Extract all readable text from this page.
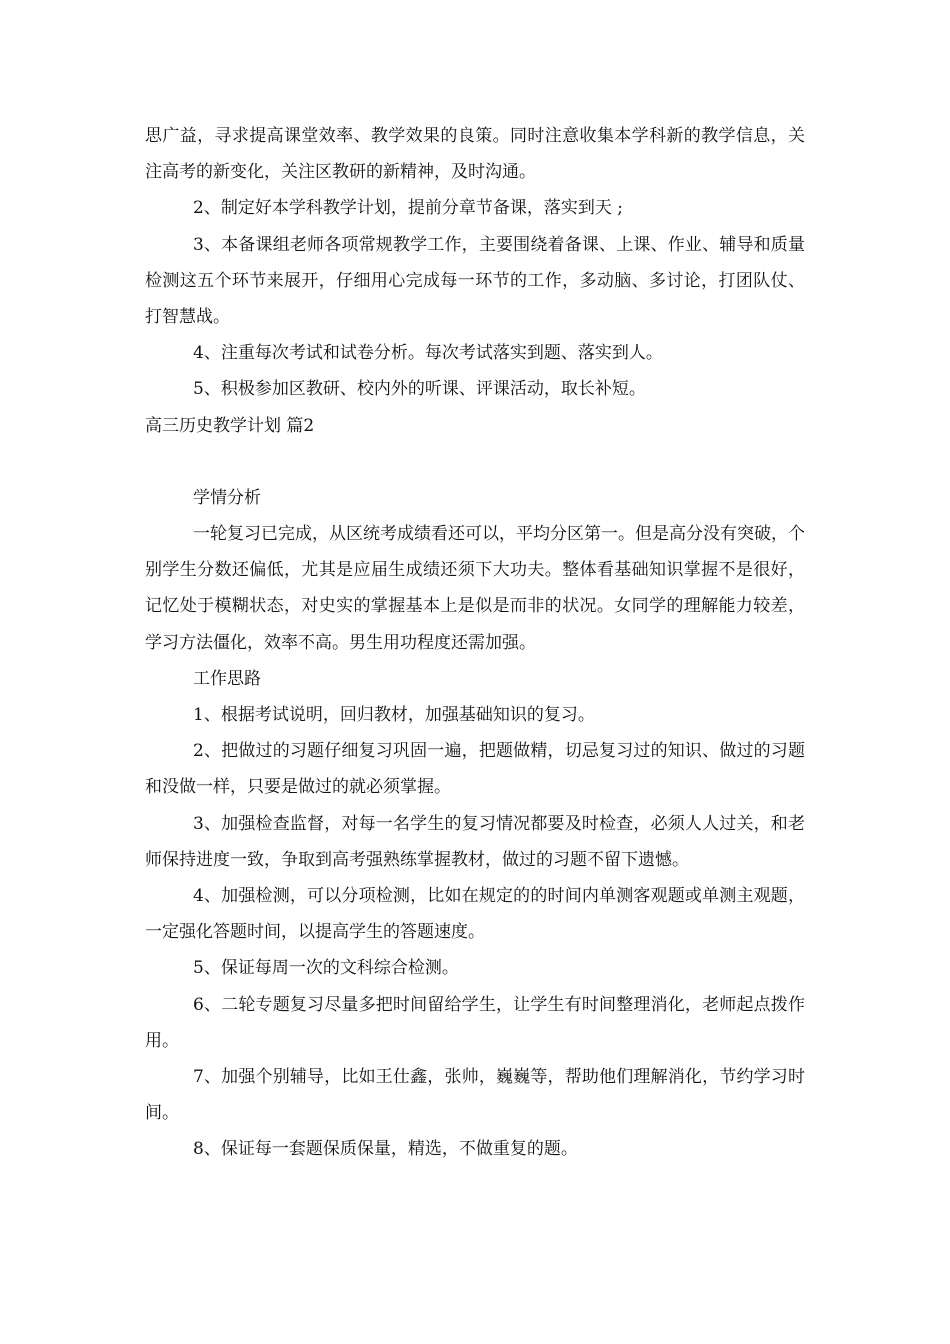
思广益，寻求提高课堂效率、教学效果的良策。同时注意收集本学科新的教学信息，关注高考的新变化，关注区教研的新精神，及时沟通。

2、制定好本学科教学计划，提前分章节备课，落实到天 ;

3、本备课组老师各项常规教学工作，主要围绕着备课、上课、作业、辅导和质量检测这五个环节来展开，仔细用心完成每一环节的工作，多动脑、多讨论，打团队仗、打智慧战。

4、注重每次考试和试卷分析。每次考试落实到题、落实到人。

5、积极参加区教研、校内外的听课、评课活动，取长补短。

高三历史教学计划 篇2

学情分析

一轮复习已完成，从区统考成绩看还可以，平均分区第一。但是高分没有突破，个别学生分数还偏低，尤其是应届生成绩还须下大功夫。整体看基础知识掌握不是很好，记忆处于模糊状态，对史实的掌握基本上是似是而非的状况。女同学的理解能力较差，学习方法僵化，效率不高。男生用功程度还需加强。

工作思路

1、根据考试说明，回归教材，加强基础知识的复习。

2、把做过的习题仔细复习巩固一遍，把题做精，切忌复习过的知识、做过的习题和没做一样，只要是做过的就必须掌握。

3、加强检查监督，对每一名学生的复习情况都要及时检查，必须人人过关，和老师保持进度一致，争取到高考强熟练掌握教材，做过的习题不留下遗憾。

4、加强检测，可以分项检测，比如在规定的的时间内单测客观题或单测主观题，一定强化答题时间，以提高学生的答题速度。

5、保证每周一次的文科综合检测。

6、二轮专题复习尽量多把时间留给学生，让学生有时间整理消化，老师起点拨作用。

7、加强个别辅导，比如王仕鑫，张帅，巍巍等，帮助他们理解消化，节约学习时间。

8、保证每一套题保质保量，精选，不做重复的题。
